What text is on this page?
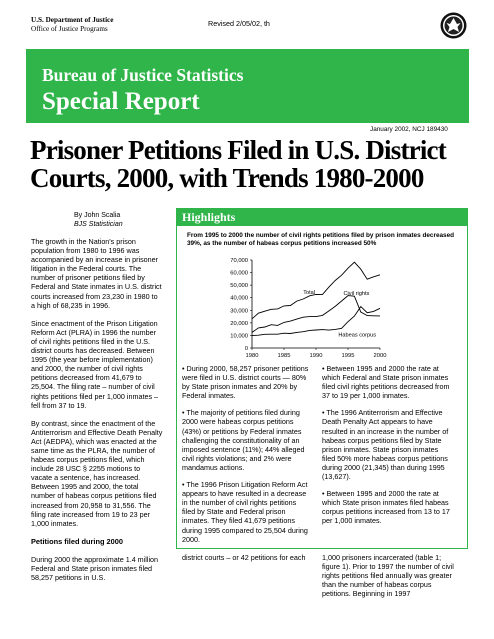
U.S. Department of Justice
Office of Justice Programs
Revised 2/05/02, th
Bureau of Justice Statistics
Special Report
January 2002, NCJ 189430
Prisoner Petitions Filed in U.S. District
Courts, 2000, with Trends 1980-2000
By John Scalia
BJS Statistician

The growth in the Nation's prison population from 1980 to 1996 was accompanied by an increase in prisoner litigation in the Federal courts. The number of prisoner petitions filed by Federal and State inmates in U.S. district courts increased from 23,230 in 1980 to a high of 68,235 in 1996.

Since enactment of the Prison Litigation Reform Act (PLRA) in 1996 the number of civil rights petitions filed in the U.S. district courts has decreased. Between 1995 (the year before implementation) and 2000, the number of civil rights petitions decreased from 41,679 to 25,504. The filing rate – number of civil rights petitions filed per 1,000 inmates – fell from 37 to 19.

By contrast, since the enactment of the Antiterrorism and Effective Death Penalty Act (AEDPA), which was enacted at the same time as the PLRA, the number of habeas corpus petitions filed, which include 28 USC § 2255 motions to vacate a sentence, has increased. Between 1995 and 2000, the total number of habeas corpus petitions filed increased from 20,958 to 31,556. The filing rate increased from 19 to 23 per 1,000 inmates.

Petitions filed during 2000

During 2000 the approximate 1.4 million Federal and State prison inmates filed 58,257 petitions in U.S.

Highlights
From 1995 to 2000 the number of civil rights petitions filed by prison inmates decreased 39%, as the number of habeas corpus petitions increased 50%
0
10,000
20,000
30,000
40,000
50,000
60,000
70,000
1980	1985	1990	1995	2000
Total	Civil rights
Habeas corpus

• During 2000, 58,257 prisoner petitions were filed in U.S. district courts — 80% by State prison inmates and 20% by Federal inmates.

• The majority of petitions filed during 2000 were habeas corpus petitions (43%) or petitions by Federal inmates challenging the constitutionality of an imposed sentence (11%); 44% alleged civil rights violations; and 2% were mandamus actions.

• The 1996 Prison Litigation Reform Act appears to have resulted in a decrease in the number of civil rights petitions filed by State and Federal prison inmates. They filed 41,679 petitions during 1995 compared to 25,504 during 2000.

• Between 1995 and 2000 the rate at which Federal and State prison inmates filed civil rights petitions decreased from 37 to 19 per 1,000 inmates.

• The 1996 Antiterrorism and Effective Death Penalty Act appears to have resulted in an increase in the number of habeas corpus petitions filed by State prison inmates. State prison inmates filed 50% more habeas corpus petitions during 2000 (21,345) than during 1995 (13,627).

• Between 1995 and 2000 the rate at which State prison inmates filed habeas corpus petitions increased from 13 to 17 per 1,000 inmates.

district courts – or 42 petitions for each	1,000 prisoners incarcerated (table 1; figure 1). Prior to 1997 the number of civil rights petitions filed annually was greater than the number of habeas corpus petitions. Beginning in 1997
